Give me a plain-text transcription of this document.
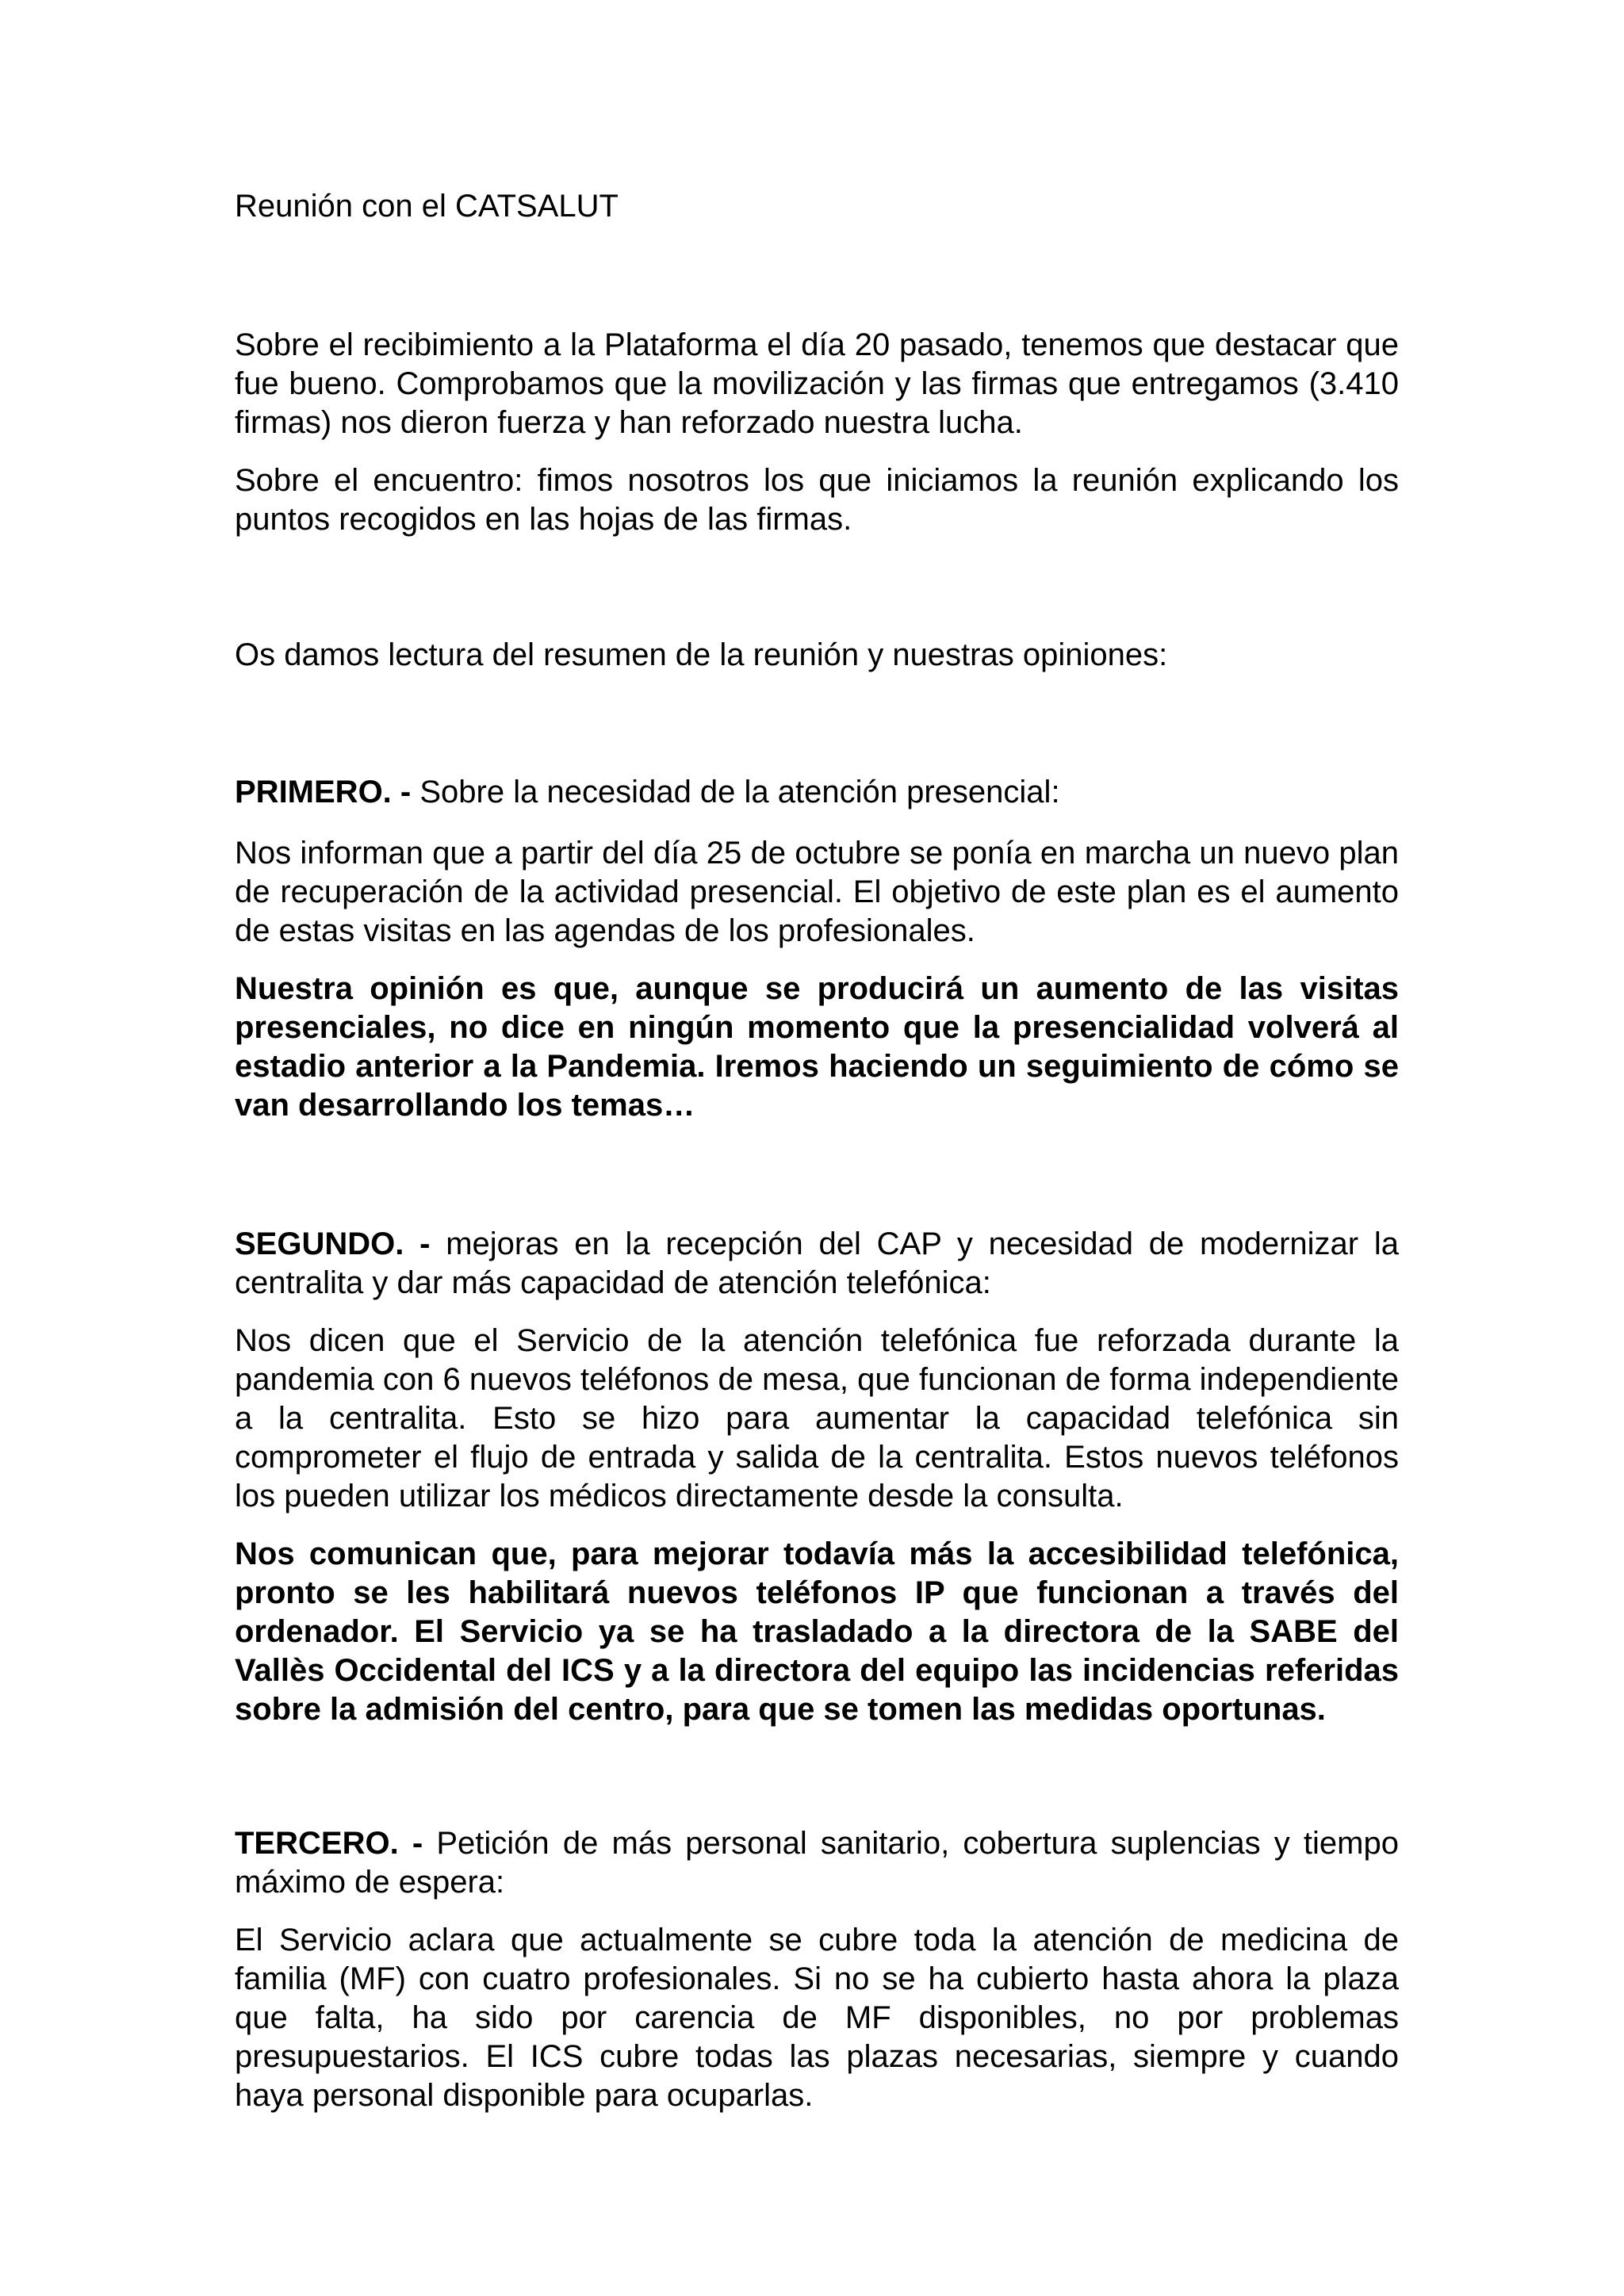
Reunión con el CATSALUT

Sobre el recibimiento a la Plataforma el día 20 pasado, tenemos que destacar que fue bueno. Comprobamos que la movilización y las firmas que entregamos (3.410 firmas) nos dieron fuerza y han reforzado nuestra lucha.

Sobre el encuentro: fimos nosotros los que iniciamos la reunión explicando los puntos recogidos en las hojas de las firmas.

Os damos lectura del resumen de la reunión y nuestras opiniones:

PRIMERO. - Sobre la necesidad de la atención presencial:

Nos informan que a partir del día 25 de octubre se ponía en marcha un nuevo plan de recuperación de la actividad presencial. El objetivo de este plan es el aumento de estas visitas en las agendas de los profesionales.

Nuestra opinión es que, aunque se producirá un aumento de las visitas presenciales, no dice en ningún momento que la presencialidad volverá al estadio anterior a la Pandemia. Iremos haciendo un seguimiento de cómo se van desarrollando los temas…

SEGUNDO. - mejoras en la recepción del CAP y necesidad de modernizar la centralita y dar más capacidad de atención telefónica:

Nos dicen que el Servicio de la atención telefónica fue reforzada durante la pandemia con 6 nuevos teléfonos de mesa, que funcionan de forma independiente a la centralita. Esto se hizo para aumentar la capacidad telefónica sin comprometer el flujo de entrada y salida de la centralita. Estos nuevos teléfonos los pueden utilizar los médicos directamente desde la consulta.

Nos comunican que, para mejorar todavía más la accesibilidad telefónica, pronto se les habilitará nuevos teléfonos IP que funcionan a través del ordenador. El Servicio ya se ha trasladado a la directora de la SABE del Vallès Occidental del ICS y a la directora del equipo las incidencias referidas sobre la admisión del centro, para que se tomen las medidas oportunas.

TERCERO. - Petición de más personal sanitario, cobertura suplencias y tiempo máximo de espera:

El Servicio aclara que actualmente se cubre toda la atención de medicina de familia (MF) con cuatro profesionales. Si no se ha cubierto hasta ahora la plaza que falta, ha sido por carencia de MF disponibles, no por problemas presupuestarios. El ICS cubre todas las plazas necesarias, siempre y cuando haya personal disponible para ocuparlas.
